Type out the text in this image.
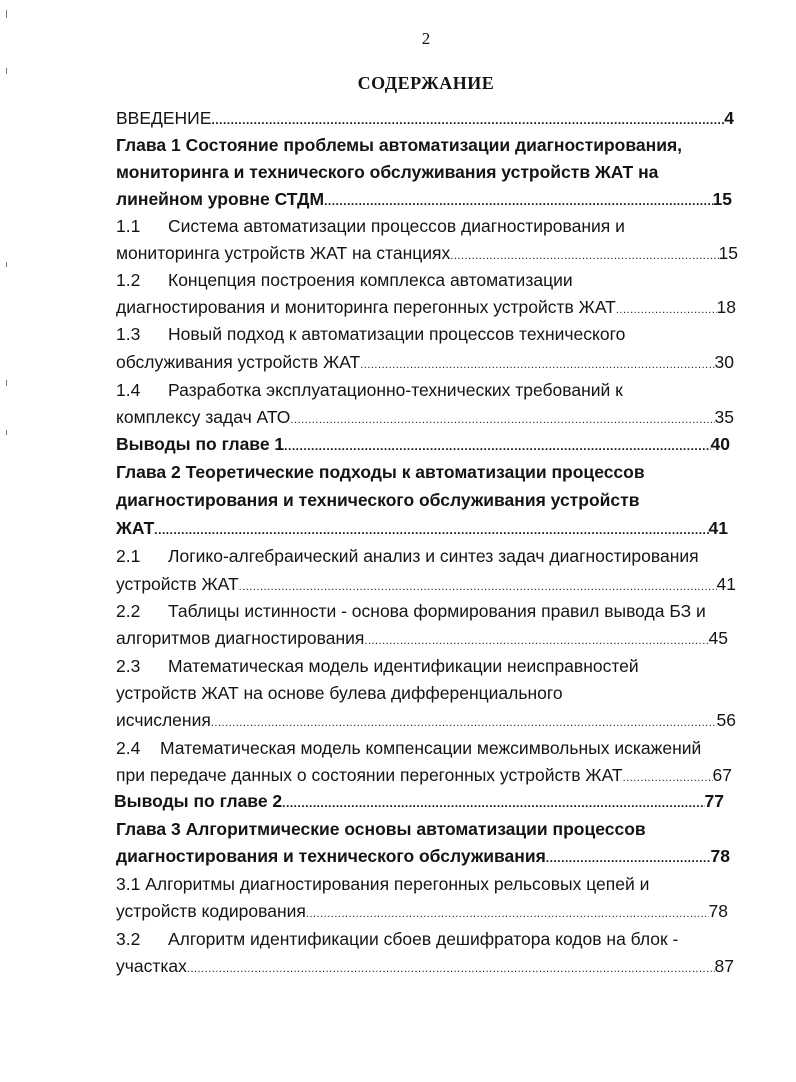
2
СОДЕРЖАНИЕ
ВВЕДЕНИЕ .....	4
Глава 1 Состояние проблемы автоматизации диагностирования,
мониторинга и технического обслуживания устройств ЖАТ на
линейном уровне СТДМ .....	15
1.1 Система автоматизации процессов диагностирования и
мониторинга устройств ЖАТ на станциях .....	15
1.2 Концепция построения комплекса автоматизации
диагностирования и мониторинга перегонных устройств ЖАТ .....	18
1.3 Новый подход к автоматизации процессов технического
обслуживания устройств ЖАТ .....	30
1.4 Разработка эксплуатационно-технических требований к
комплексу задач АТО .....	35
Выводы по главе 1 .....	40
Глава 2 Теоретические подходы к автоматизации процессов
диагностирования и технического обслуживания устройств
ЖАТ .....	41
2.1 Логико-алгебраический анализ и синтез задач диагностирования
устройств ЖАТ .....	41
2.2 Таблицы истинности - основа формирования правил вывода БЗ и
алгоритмов диагностирования .....	45
2.3 Математическая модель идентификации неисправностей
устройств ЖАТ на основе булева дифференциального
исчисления .....	56
2.4 Математическая модель компенсации межсимвольных искажений
при передаче данных о состоянии перегонных устройств ЖАТ .....	67
Выводы по главе 2 .....	77
Глава 3 Алгоритмические основы автоматизации процессов
диагностирования и технического обслуживания .....	78
3.1 Алгоритмы диагностирования перегонных рельсовых цепей и
устройств кодирования .....	78
3.2 Алгоритм идентификации сбоев дешифратора кодов на блок -
участках .....	87
